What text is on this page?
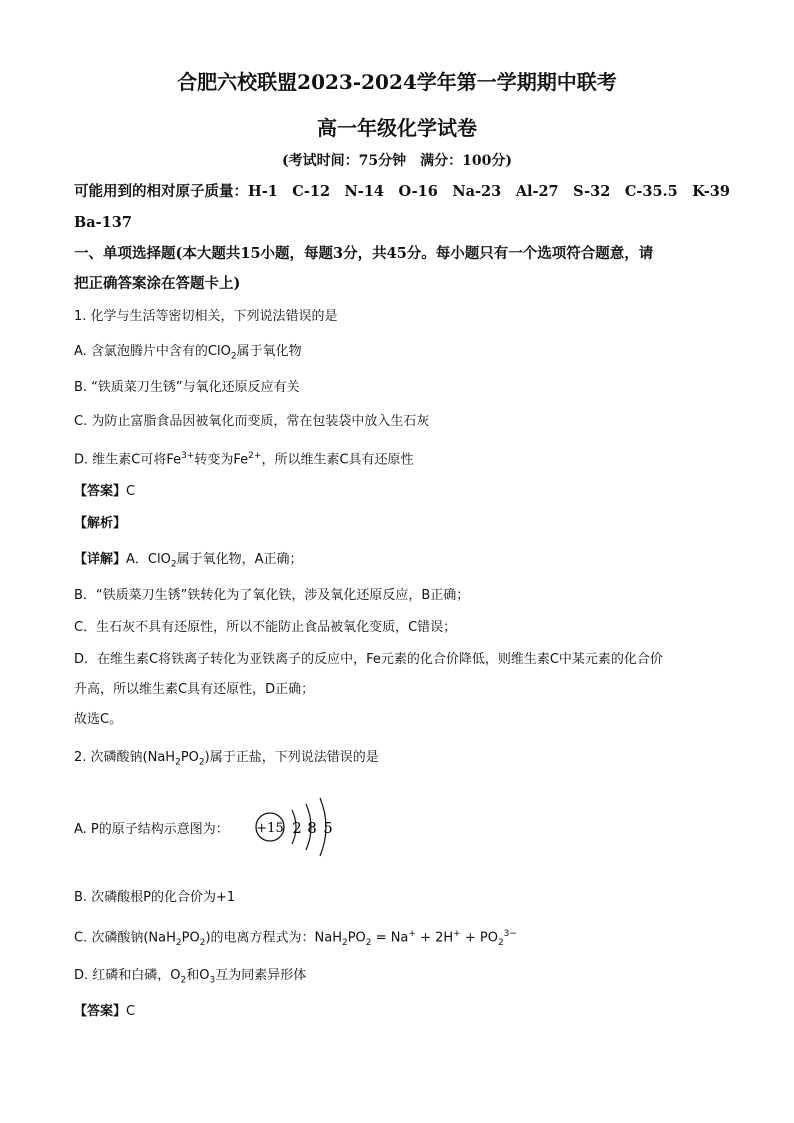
合肥六校联盟2023-2024学年第一学期期中联考
高一年级化学试卷
(考试时间：75分钟　满分：100分)
可能用到的相对原子质量：H-1　C-12　N-14　O-16　Na-23　Al-27　S-32　C-35.5　K-39
Ba-137
一、单项选择题(本大题共15小题，每题3分，共45分。每小题只有一个选项符合题意，请
把正确答案涂在答题卡上)
1. 化学与生活等密切相关，下列说法错误的是
A. 含氯泡腾片中含有的ClO$_2$属于氧化物
B. “铁质菜刀生锈”与氧化还原反应有关
C. 为防止富脂食品因被氧化而变质，常在包装袋中放入生石灰
D. 维生素C可将$Fe^{3+}$转变为$Fe^{2+}$，所以维生素C具有还原性
【答案】C
【解析】
【详解】A．ClO$_2$属于氧化物，A正确；
B．“铁质菜刀生锈”铁转化为了氧化铁，涉及氧化还原反应，B正确；
C．生石灰不具有还原性，所以不能防止食品被氧化变质，C错误；
D．在维生素C将铁离子转化为亚铁离子的反应中，Fe元素的化合价降低，则维生素C中某元素的化合价
升高，所以维生素C具有还原性，D正确；
故选C。
2. 次磷酸钠$(NaH_2PO_2)$属于正盐，下列说法错误的是
A. P的原子结构示意图为：	+15 2 8 5
B. 次磷酸根P的化合价为+1
C. 次磷酸钠$(NaH_2PO_2)$的电离方程式为：$NaH_2PO_2 = Na^+ + 2H^+ + PO_2^{3-}$
D. 红磷和白磷，$O_2$和$O_3$互为同素异形体
【答案】C
